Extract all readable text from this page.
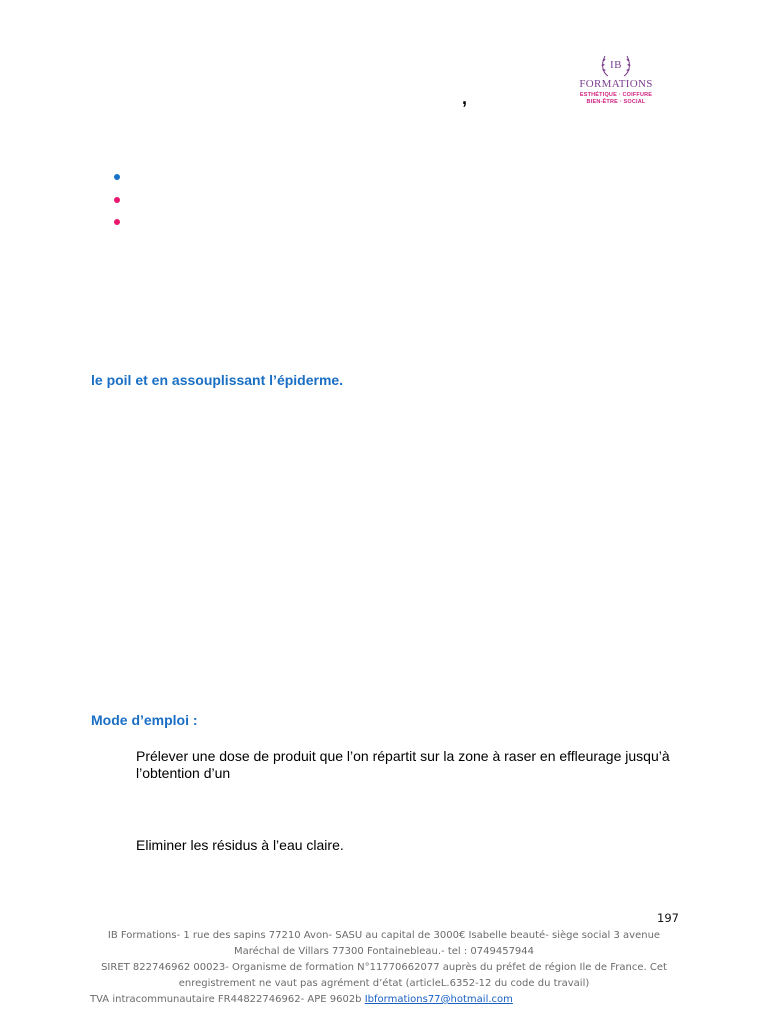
IB
FORMATIONS
ESTHÉTIQUE · COIFFURE
BIEN-ÊTRE · SOCIAL
,
le poil et en assouplissant l’épiderme.
Mode d’emploi :
Prélever une dose de produit que l’on répartit sur la zone à raser en effleurage jusqu’à l’obtention d’un
Eliminer les résidus à l’eau claire.
197
IB Formations- 1 rue des sapins 77210 Avon- SASU au capital de 3000€ Isabelle beauté- siège social 3 avenue
Maréchal de Villars 77300 Fontainebleau.- tel : 0749457944
SIRET 822746962 00023- Organisme de formation N°11770662077 auprès du préfet de région Ile de France. Cet
enregistrement ne vaut pas agrément d’état (articleL.6352-12 du code du travail)
TVA intracommunautaire FR44822746962- APE 9602b Ibformations77@hotmail.com
